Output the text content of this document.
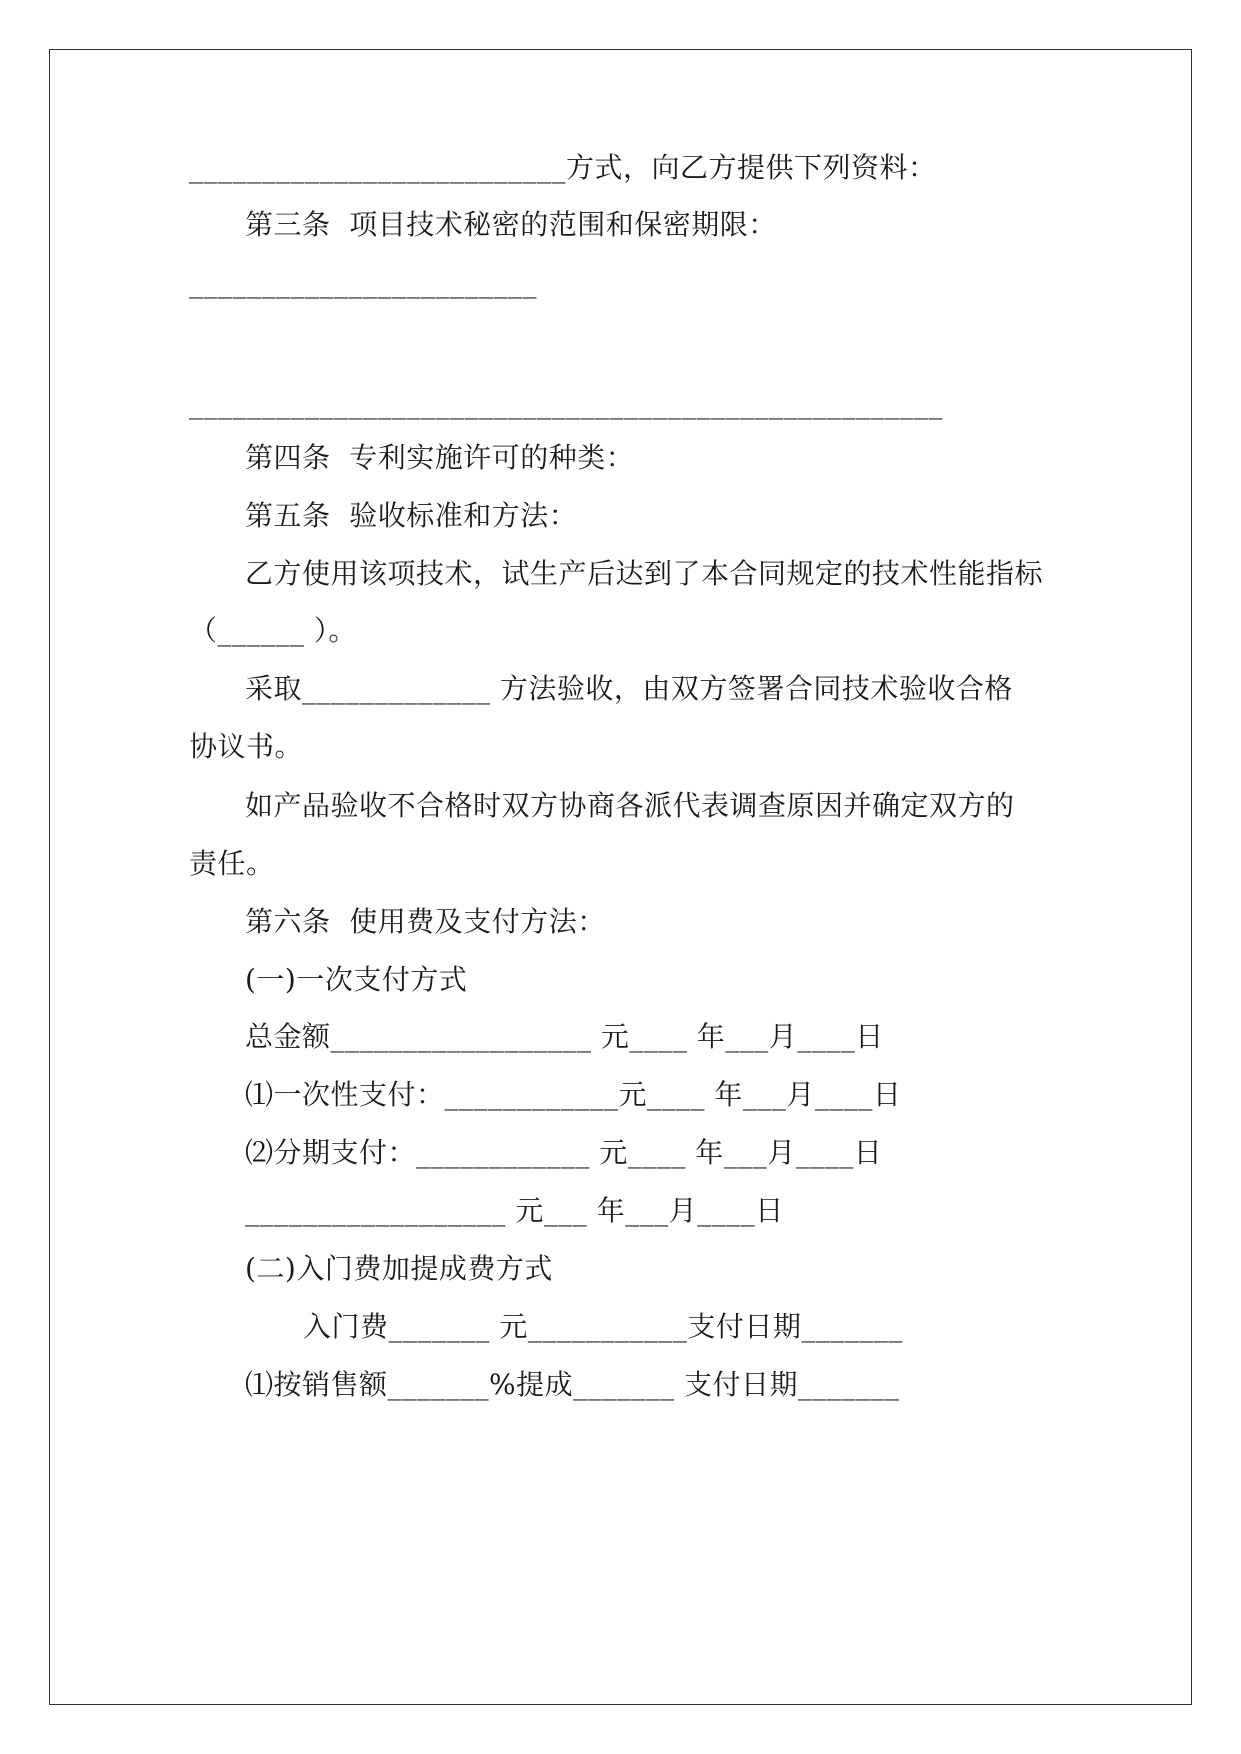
__________________________方式，向乙方提供下列资料：
第三条  项目技术秘密的范围和保密期限：
________________________
____________________________________________________
第四条  专利实施许可的种类：
第五条  验收标准和方法：
乙方使用该项技术，试生产后达到了本合同规定的技术性能指标
（______ ）。
采取_____________ 方法验收，由双方签署合同技术验收合格
协议书。
如产品验收不合格时双方协商各派代表调查原因并确定双方的
责任。
第六条  使用费及支付方法：
(一)一次支付方式
总金额__________________ 元____ 年___月____日
⑴一次性支付：____________元____ 年___月____日
⑵分期支付：____________ 元____ 年___月____日
__________________ 元___ 年___月____日
(二)入门费加提成费方式
入门费_______ 元___________支付日期_______
⑴按销售额_______%提成_______ 支付日期_______
